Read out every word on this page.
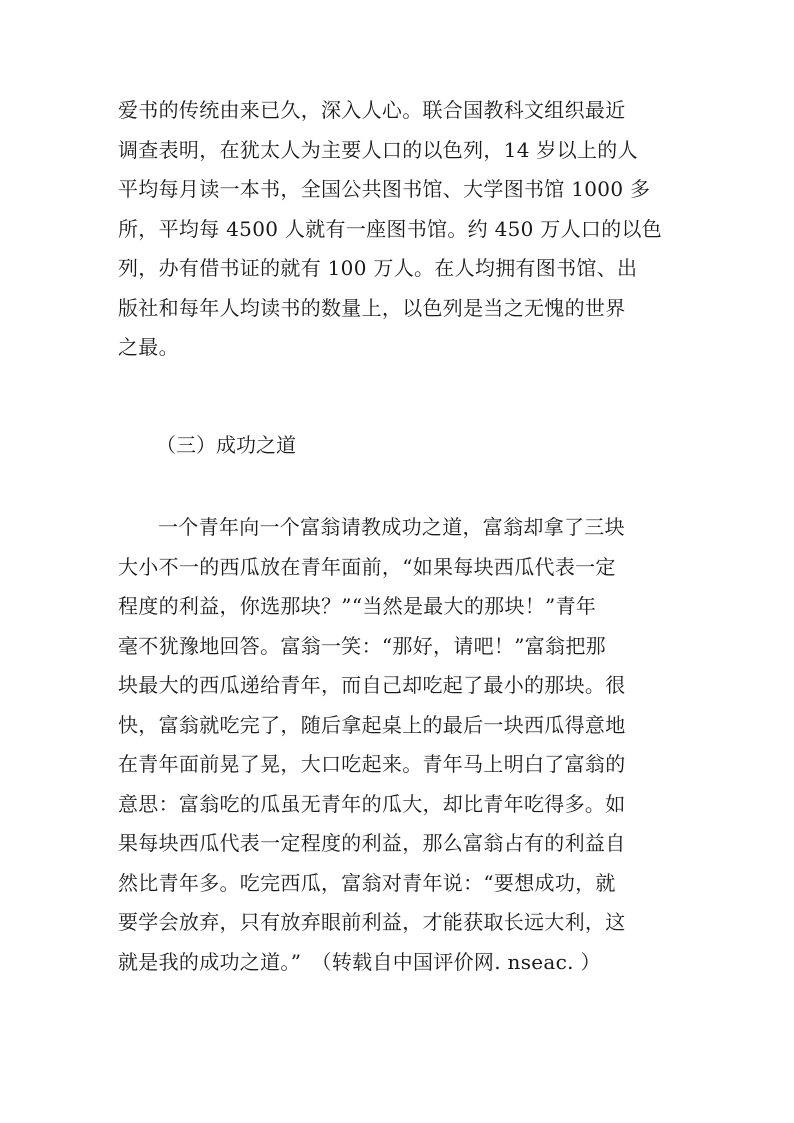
爱书的传统由来已久，深入人心。联合国教科文组织最近
调查表明，在犹太人为主要人口的以色列，14 岁以上的人
平均每月读一本书，全国公共图书馆、大学图书馆 1000 多
所，平均每 4500 人就有一座图书馆。约 450 万人口的以色
列，办有借书证的就有 100 万人。在人均拥有图书馆、出
版社和每年人均读书的数量上，以色列是当之无愧的世界
之最。
（三）成功之道
一个青年向一个富翁请教成功之道，富翁却拿了三块
大小不一的西瓜放在青年面前，“如果每块西瓜代表一定
程度的利益，你选那块？”“当然是最大的那块！”青年
毫不犹豫地回答。富翁一笑：“那好，请吧！”富翁把那
块最大的西瓜递给青年，而自己却吃起了最小的那块。很
快，富翁就吃完了，随后拿起桌上的最后一块西瓜得意地
在青年面前晃了晃，大口吃起来。青年马上明白了富翁的
意思：富翁吃的瓜虽无青年的瓜大，却比青年吃得多。如
果每块西瓜代表一定程度的利益，那么富翁占有的利益自
然比青年多。吃完西瓜，富翁对青年说：“要想成功，就
要学会放弃，只有放弃眼前利益，才能获取长远大利，这
就是我的成功之道。”　（转载自中国评价网. nseac. ）
